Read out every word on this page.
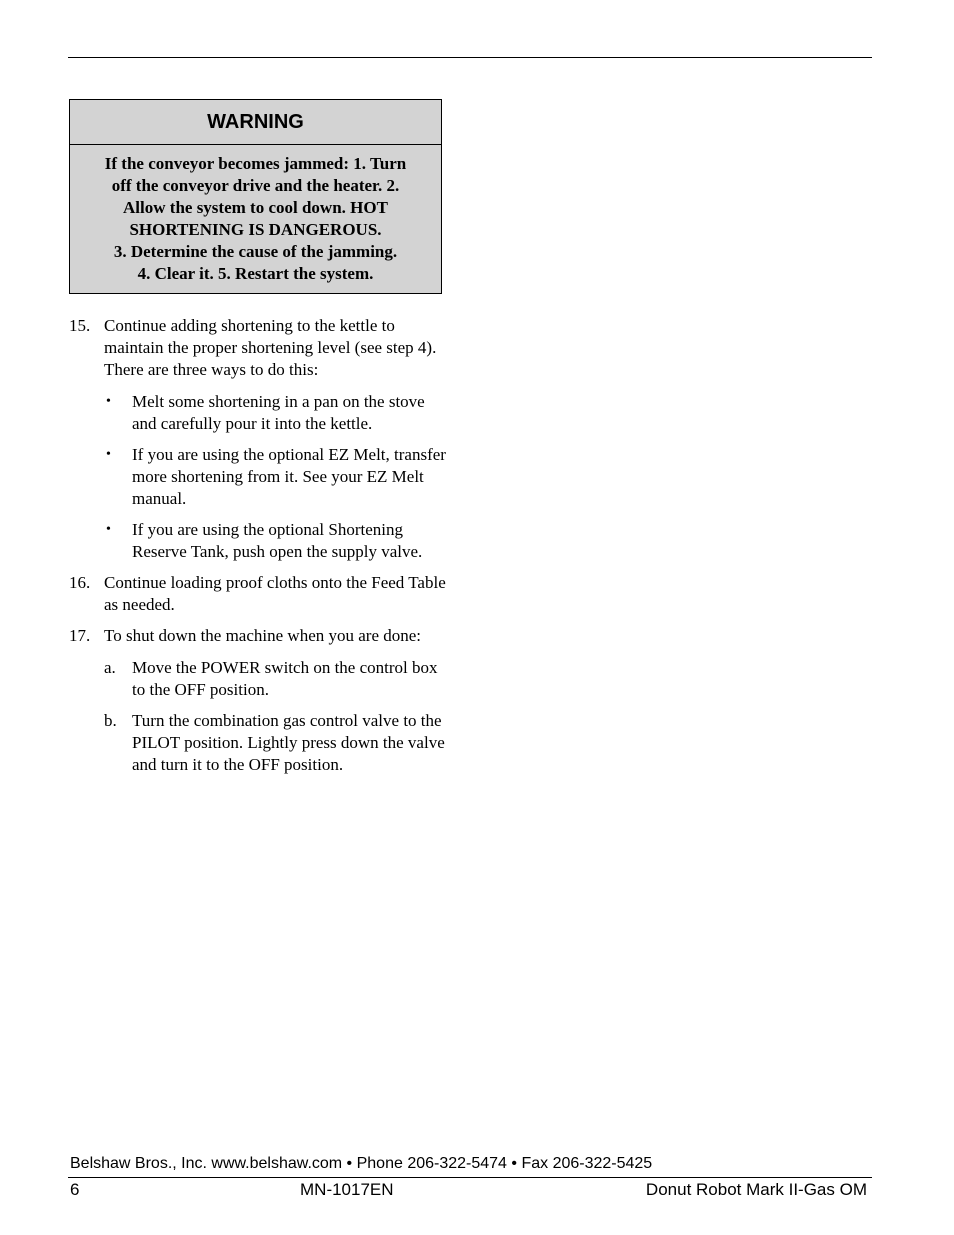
WARNING
If the conveyor becomes jammed: 1. Turn
off the conveyor drive and the heater. 2.
Allow the system to cool down. HOT
SHORTENING IS DANGEROUS.
3. Determine the cause of the jamming.
4. Clear it. 5. Restart the system.
15. Continue adding shortening to the kettle to maintain the proper shortening level (see step 4). There are three ways to do this:
• Melt some shortening in a pan on the stove and carefully pour it into the kettle.
• If you are using the optional EZ Melt, transfer more shortening from it. See your EZ Melt manual.
• If you are using the optional Shortening Reserve Tank, push open the supply valve.
16. Continue loading proof cloths onto the Feed Table as needed.
17. To shut down the machine when you are done:
a. Move the POWER switch on the control box to the OFF position.
b. Turn the combination gas control valve to the PILOT position. Lightly press down the valve and turn it to the OFF position.
Belshaw Bros., Inc. www.belshaw.com • Phone 206-322-5474 • Fax 206-322-5425
6	MN-1017EN	Donut Robot Mark II-Gas OM
